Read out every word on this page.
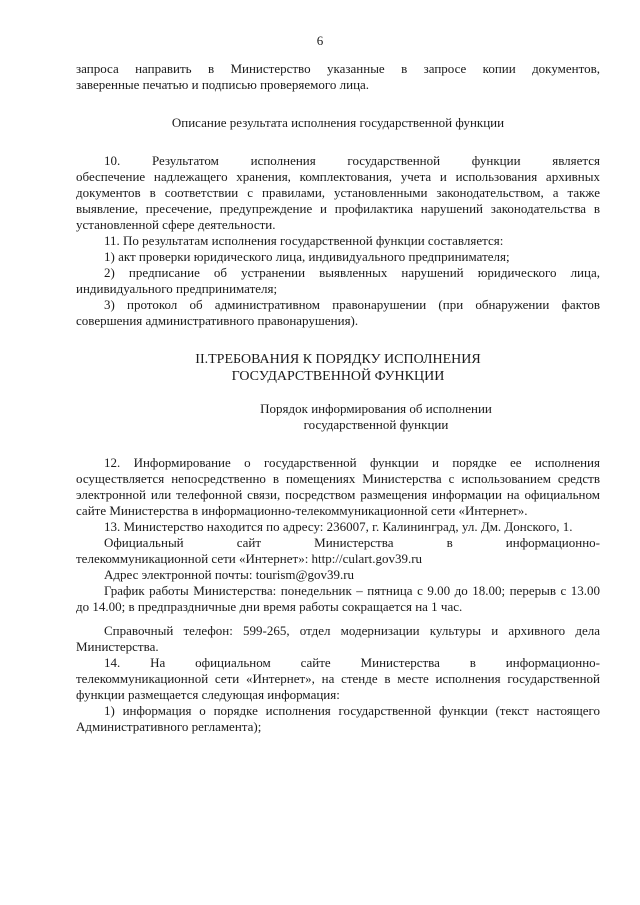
6

запроса направить в Министерство указанные в запросе копии документов,
заверенные печатью и подписью проверяемого лица.

Описание результата исполнения государственной функции

10. Результатом исполнения государственной функции является
обеспечение надлежащего хранения, комплектования, учета и использования архивных документов в соответствии с правилами, установленными законодательством, а также выявление, пресечение, предупреждение и профилактика нарушений законодательства в установленной сфере деятельности.

11. По результатам исполнения государственной функции составляется:

1) акт проверки юридического лица, индивидуального предпринимателя;

2) предписание об устранении выявленных нарушений юридического лица, индивидуального предпринимателя;

3) протокол об административном правонарушении (при обнаружении фактов совершения административного правонарушения).

II.ТРЕБОВАНИЯ К ПОРЯДКУ ИСПОЛНЕНИЯ

ГОСУДАРСТВЕННОЙ ФУНКЦИИ

Порядок информирования об исполнении

государственной функции

12. Информирование о государственной функции и порядке ее исполнения осуществляется непосредственно в помещениях Министерства с использованием средств электронной или телефонной связи, посредством размещения информации на официальном сайте Министерства в информационно-телекоммуникационной сети «Интернет».

13. Министерство находится по адресу: 236007, г. Калининград, ул. Дм. Донского, 1.

Официальный сайт Министерства в информационно-
телекоммуникационной сети «Интернет»: http://culart.gov39.ru

Адрес электронной почты: tourism@gov39.ru

График работы Министерства: понедельник – пятница с 9.00 до 18.00; перерыв с 13.00 до 14.00; в предпраздничные дни время работы сокращается на 1 час.

Справочный телефон: 599-265, отдел модернизации культуры и архивного дела Министерства.

14. На официальном сайте Министерства в информационно-
телекоммуникационной сети «Интернет», на стенде в месте исполнения государственной функции размещается следующая информация:

1) информация о порядке исполнения государственной функции (текст настоящего Административного регламента);
